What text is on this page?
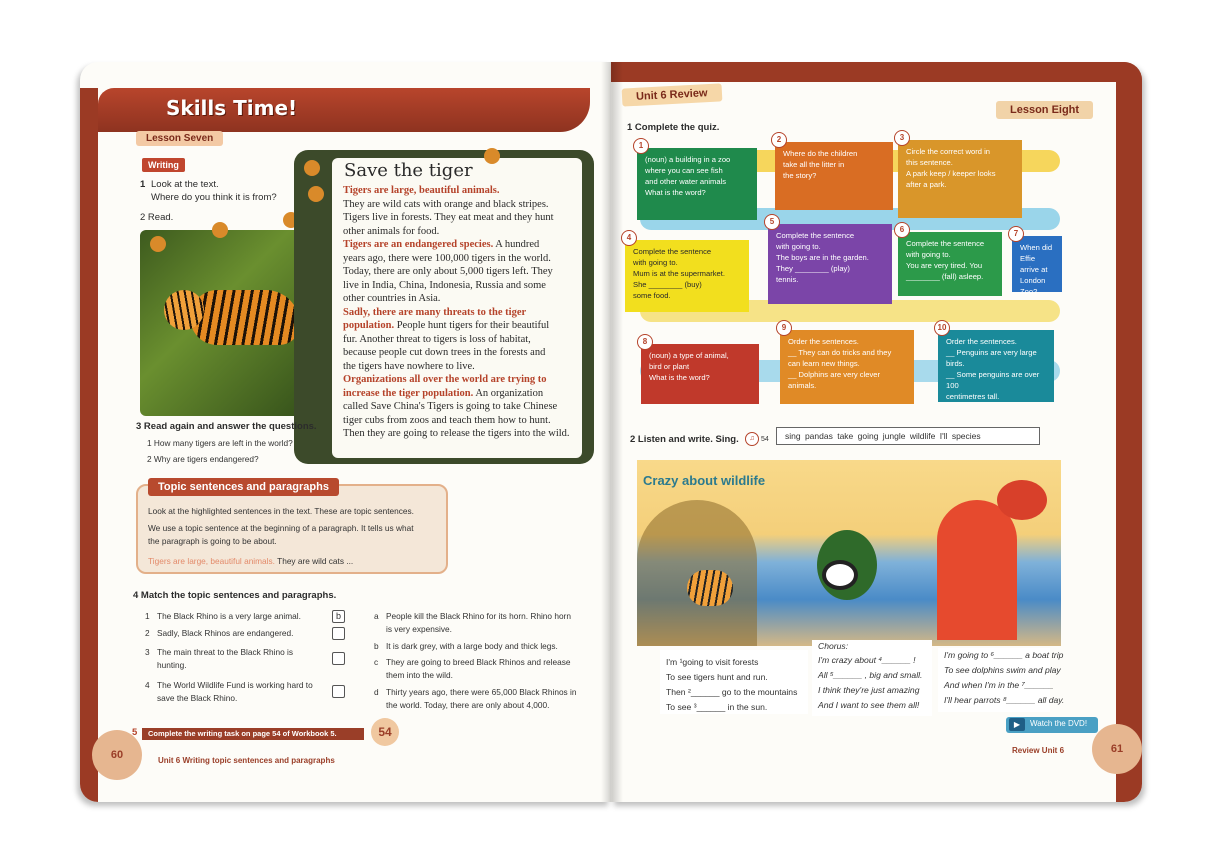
Skills Time!
Lesson Seven
Writing
1 Look at the text.
Where do you think it is from?
2 Read.
Save the tiger
Tigers are large, beautiful animals.
They are wild cats with orange and black stripes.
Tigers live in forests. They eat meat and they hunt
other animals for food.
Tigers are an endangered species. A hundred
years ago, there were 100,000 tigers in the world.
Today, there are only about 5,000 tigers left. They
live in India, China, Indonesia, Russia and some
other countries in Asia.
Sadly, there are many threats to the tiger
population. People hunt tigers for their beautiful
fur. Another threat to tigers is loss of habitat,
because people cut down trees in the forests and
the tigers have nowhere to live.
Organizations all over the world are trying to
increase the tiger population. An organization
called Save China's Tigers is going to take Chinese
tiger cubs from zoos and teach them how to hunt.
Then they are going to release the tigers into the wild.
3 Read again and answer the questions.
1 How many tigers are left in the world?
2 Why are tigers endangered?
Topic sentences and paragraphs
Look at the highlighted sentences in the text. These are topic sentences.
We use a topic sentence at the beginning of a paragraph. It tells us what
the paragraph is going to be about.
Tigers are large, beautiful animals. They are wild cats ...
4 Match the topic sentences and paragraphs.
1 The Black Rhino is a very large animal.	b
2 Sadly, Black Rhinos are endangered.
3 The main threat to the Black Rhino is
hunting.
4 The World Wildlife Fund is working hard to
save the Black Rhino.
a People kill the Black Rhino for its horn. Rhino horn
is very expensive.
b It is dark grey, with a large body and thick legs.
c They are going to breed Black Rhinos and release
them into the wild.
d Thirty years ago, there were 65,000 Black Rhinos in
the world. Today, there are only about 4,000.
5	Complete the writing task on page 54 of Workbook 5.	54
60	Unit 6 Writing topic sentences and paragraphs
Unit 6 Review
Lesson Eight
1 Complete the quiz.
(noun) a building in a zoo
where you can see fish
and other water animals
What is the word?
1
Where do the children
take all the litter in
the story?
2
Circle the correct word in
this sentence.
A park keep / keeper looks
after a park.
3
Complete the sentence
with going to.
Mum is at the supermarket.
She ________ (buy)
some food.
4	Complete the sentence
with going to.
The boys are in the garden.
They ________ (play)
tennis.
5
Complete the sentence
with going to.
You are very tired. You
________ (fall) asleep.
6
When did
Effie arrive at
London Zoo?
7
(noun) a type of animal,
bird or plant
What is the word?
8	Order the sentences.
__ They can do tricks and they
can learn new things.
__ Dolphins are very clever
animals.
9
Order the sentences.
__ Penguins are very large birds.
__ Some penguins are over 100
centimetres tall.
10
2 Listen and write. Sing.	♫ 54	sing pandas take going jungle wildlife I'll species
Crazy about wildlife
I'm ¹going to visit forests
To see tigers hunt and run.
Then ²______ go to the mountains
To see ³______ in the sun.
Chorus:
I'm crazy about ⁴______ !
All ⁵______ , big and small.
I think they're just amazing
And I want to see them all!
I'm going to ⁶______ a boat trip
To see dolphins swim and play
And when I'm in the ⁷______
I'll hear parrots ⁸______ all day.
▶	Watch the DVD!
Review Unit 6	61
